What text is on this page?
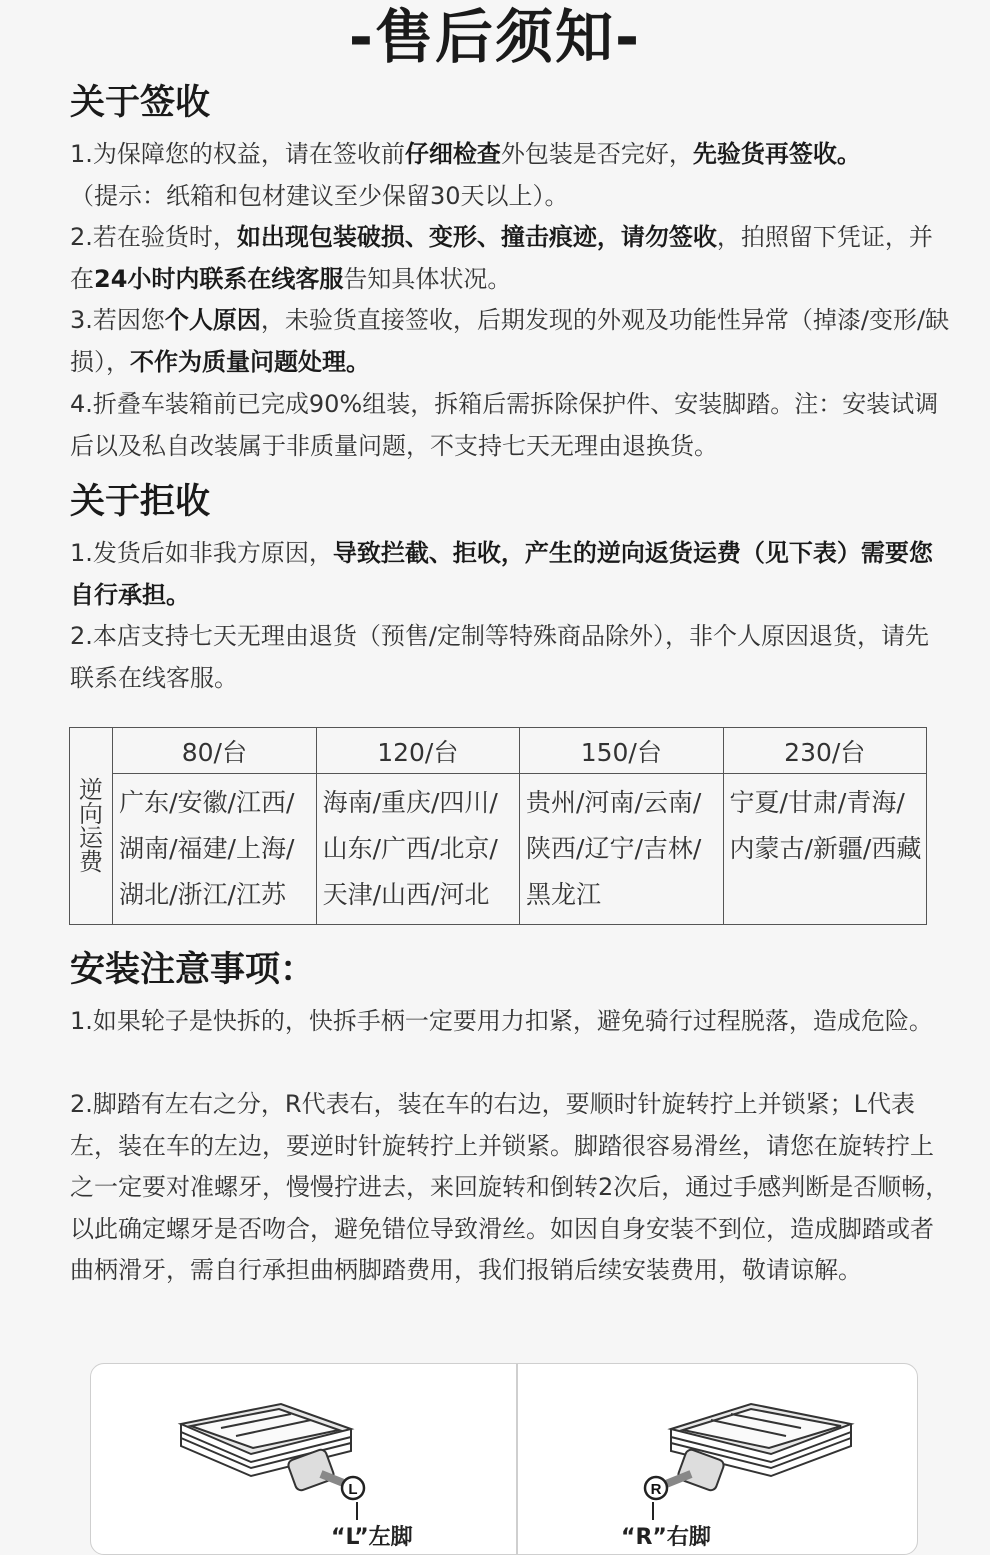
-售后须知-
关于签收
1.为保障您的权益，请在签收前仔细检查外包装是否完好，先验货再签收。
（提示：纸箱和包材建议至少保留30天以上）。
2.若在验货时，如出现包装破损、变形、撞击痕迹，请勿签收，拍照留下凭证，并在24小时内联系在线客服告知具体状况。
3.若因您个人原因，未验货直接签收，后期发现的外观及功能性异常（掉漆/变形/缺损），不作为质量问题处理。
4.折叠车装箱前已完成90%组装，拆箱后需拆除保护件、安装脚踏。注：安装试调后以及私自改装属于非质量问题，不支持七天无理由退换货。
关于拒收
1.发货后如非我方原因，导致拦截、拒收，产生的逆向返货运费（见下表）需要您自行承担。
2.本店支持七天无理由退货（预售/定制等特殊商品除外），非个人原因退货，请先联系在线客服。
逆
向
运
费	80/台	120/台	150/台	230/台
	广东/安徽/江西/湖南/福建/上海/湖北/浙江/江苏	海南/重庆/四川/山东/广西/北京/天津/山西/河北	贵州/河南/云南/陕西/辽宁/吉林/黑龙江	宁夏/甘肃/青海/内蒙古/新疆/西藏
安装注意事项：
1.如果轮子是快拆的，快拆手柄一定要用力扣紧，避免骑行过程脱落，造成危险。
2.脚踏有左右之分，R代表右，装在车的右边，要顺时针旋转拧上并锁紧；L代表左，装在车的左边，要逆时针旋转拧上并锁紧。脚踏很容易滑丝，请您在旋转拧上之一定要对准螺牙，慢慢拧进去，来回旋转和倒转2次后，通过手感判断是否顺畅，以此确定螺牙是否吻合，避免错位导致滑丝。如因自身安装不到位，造成脚踏或者曲柄滑牙，需自行承担曲柄脚踏费用，我们报销后续安装费用，敬请谅解。
L
“L”左脚
R
“R”右脚
